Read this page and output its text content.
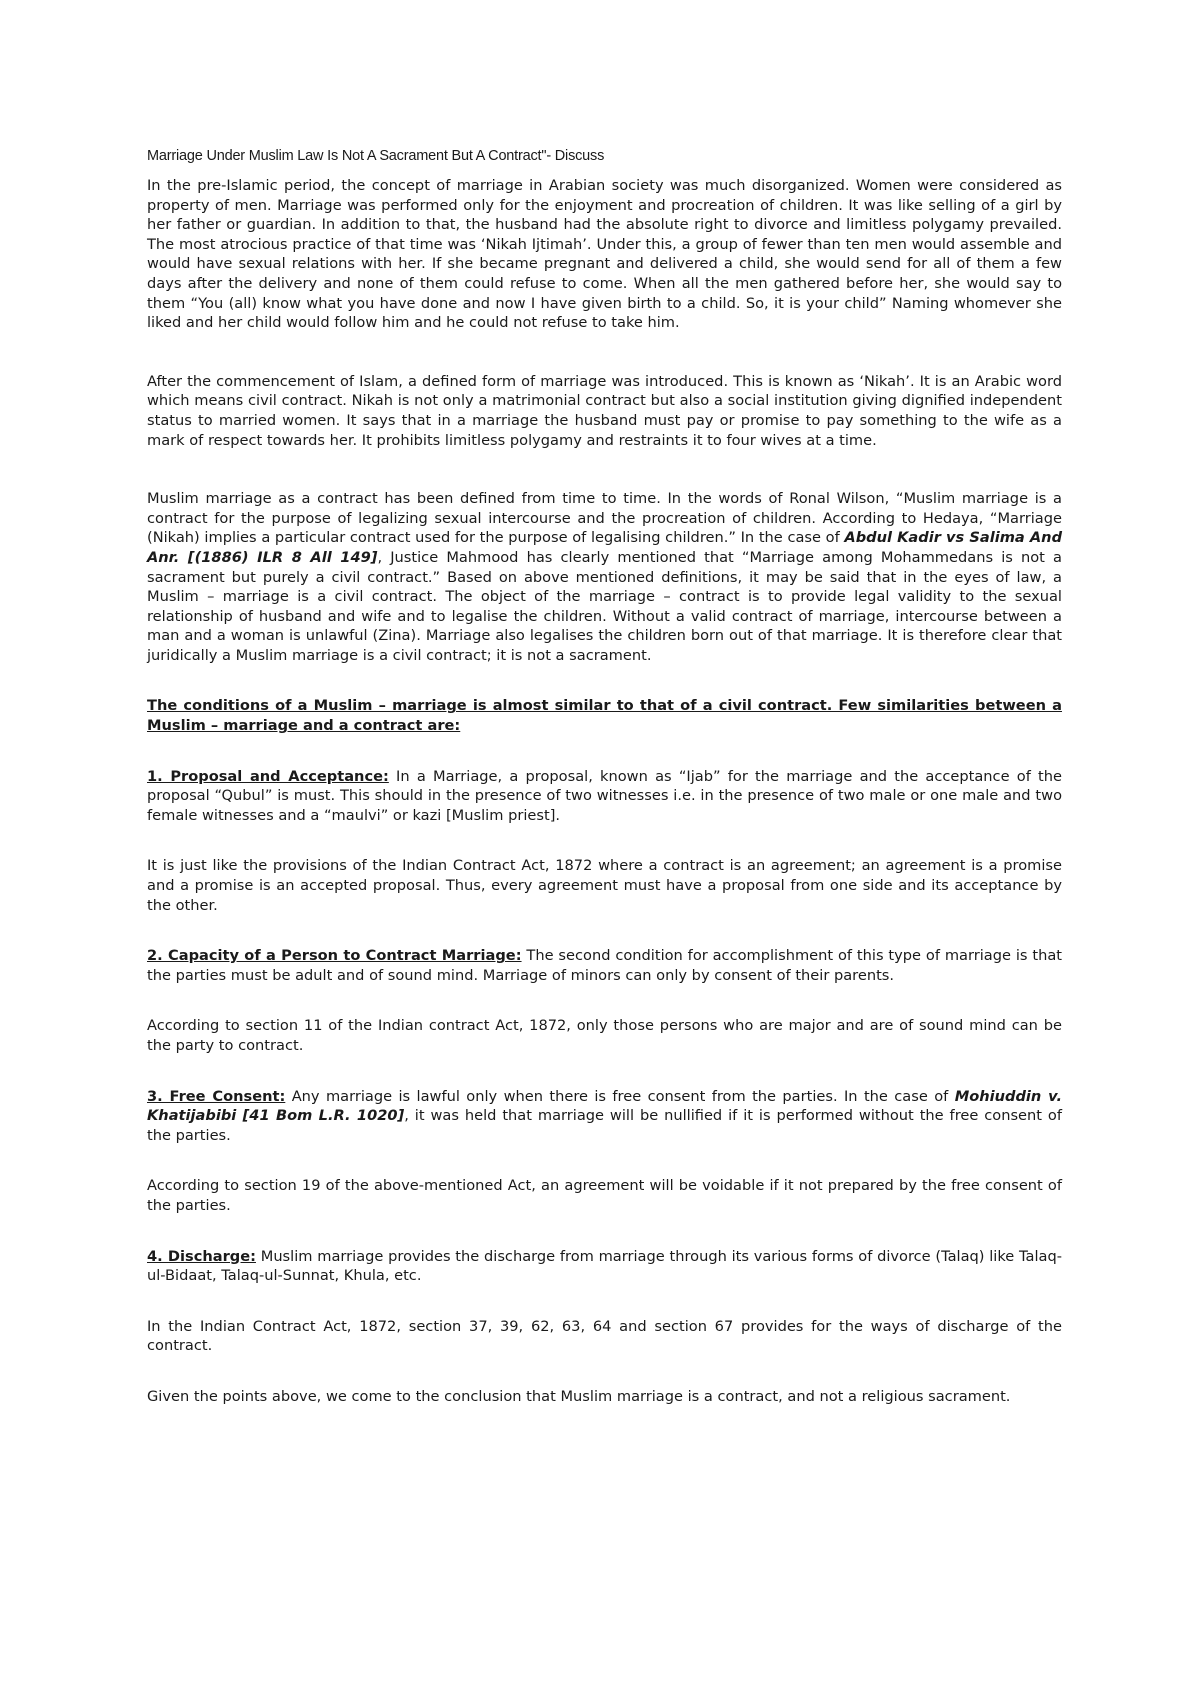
Marriage Under Muslim Law Is Not A Sacrament But A Contract"- Discuss

In the pre-Islamic period, the concept of marriage in Arabian society was much disorganized. Women were considered as property of men. Marriage was performed only for the enjoyment and procreation of children. It was like selling of a girl by her father or guardian. In addition to that, the husband had the absolute right to divorce and limitless polygamy prevailed. The most atrocious practice of that time was ‘Nikah Ijtimah’. Under this, a group of fewer than ten men would assemble and would have sexual relations with her. If she became pregnant and delivered a child, she would send for all of them a few days after the delivery and none of them could refuse to come. When all the men gathered before her, she would say to them “You (all) know what you have done and now I have given birth to a child. So, it is your child” Naming whomever she liked and her child would follow him and he could not refuse to take him.

After the commencement of Islam, a defined form of marriage was introduced. This is known as ‘Nikah’. It is an Arabic word which means civil contract. Nikah is not only a matrimonial contract but also a social institution giving dignified independent status to married women. It says that in a marriage the husband must pay or promise to pay something to the wife as a mark of respect towards her. It prohibits limitless polygamy and restraints it to four wives at a time.

Muslim marriage as a contract has been defined from time to time. In the words of Ronal Wilson, “Muslim marriage is a contract for the purpose of legalizing sexual intercourse and the procreation of children. According to Hedaya, “Marriage (Nikah) implies a particular contract used for the purpose of legalising children.” In the case of Abdul Kadir vs Salima And Anr. [(1886) ILR 8 All 149], Justice Mahmood has clearly mentioned that “Marriage among Mohammedans is not a sacrament but purely a civil contract.” Based on above mentioned definitions, it may be said that in the eyes of law, a Muslim – marriage is a civil contract. The object of the marriage – contract is to provide legal validity to the sexual relationship of husband and wife and to legalise the children. Without a valid contract of marriage, intercourse between a man and a woman is unlawful (Zina). Marriage also legalises the children born out of that marriage. It is therefore clear that juridically a Muslim marriage is a civil contract; it is not a sacrament.

The conditions of a Muslim – marriage is almost similar to that of a civil contract. Few similarities between a Muslim – marriage and a contract are:

1. Proposal and Acceptance: In a Marriage, a proposal, known as “Ijab” for the marriage and the acceptance of the proposal “Qubul” is must. This should in the presence of two witnesses i.e. in the presence of two male or one male and two female witnesses and a “maulvi” or kazi [Muslim priest].

It is just like the provisions of the Indian Contract Act, 1872 where a contract is an agreement; an agreement is a promise and a promise is an accepted proposal. Thus, every agreement must have a proposal from one side and its acceptance by the other.

2. Capacity of a Person to Contract Marriage: The second condition for accomplishment of this type of marriage is that the parties must be adult and of sound mind. Marriage of minors can only by consent of their parents.

According to section 11 of the Indian contract Act, 1872, only those persons who are major and are of sound mind can be the party to contract.

3. Free Consent: Any marriage is lawful only when there is free consent from the parties. In the case of Mohiuddin v. Khatijabibi [41 Bom L.R. 1020], it was held that marriage will be nullified if it is performed without the free consent of the parties.

According to section 19 of the above-mentioned Act, an agreement will be voidable if it not prepared by the free consent of the parties.

4. Discharge: Muslim marriage provides the discharge from marriage through its various forms of divorce (Talaq) like Talaq-ul-Bidaat, Talaq-ul-Sunnat, Khula, etc.

In the Indian Contract Act, 1872, section 37, 39, 62, 63, 64 and section 67 provides for the ways of discharge of the contract.

Given the points above, we come to the conclusion that Muslim marriage is a contract, and not a religious sacrament.
